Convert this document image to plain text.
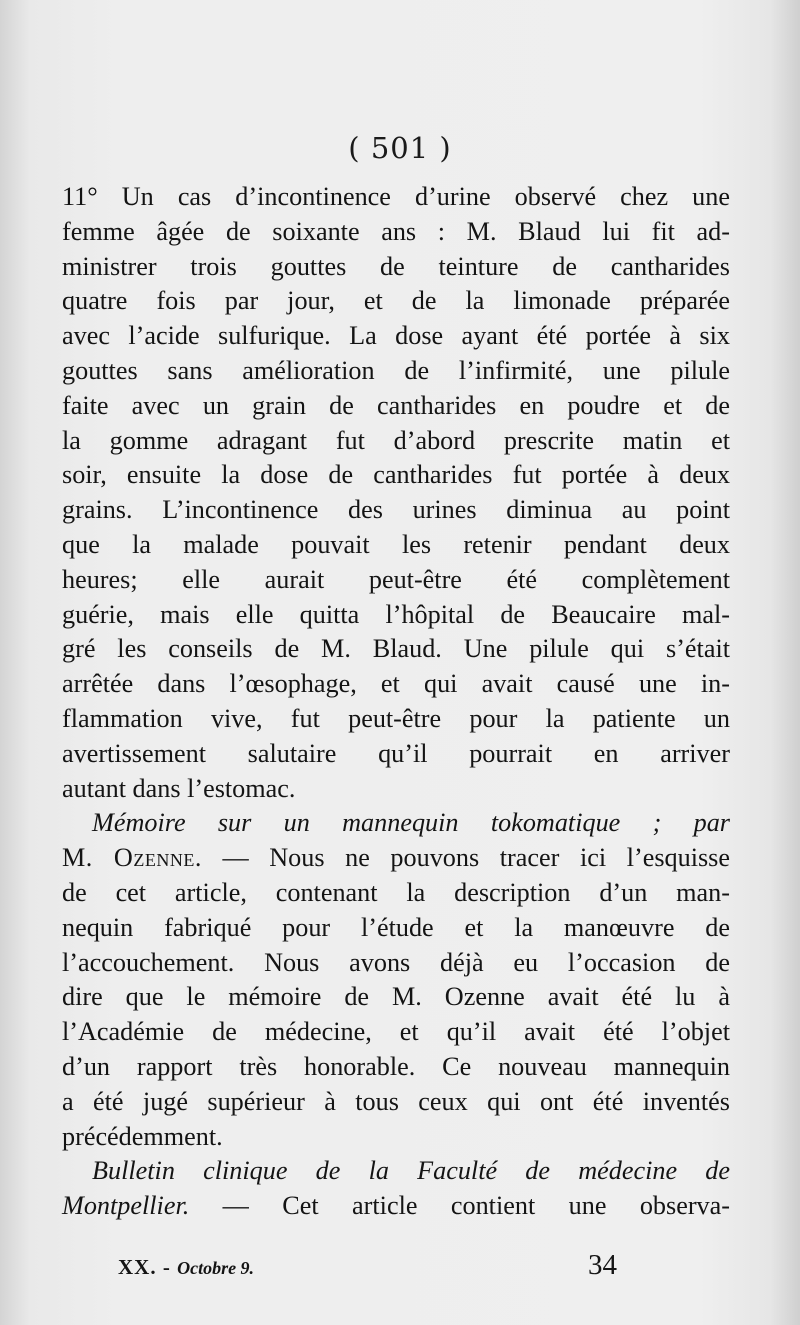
( 501 )
11° Un cas d’incontinence d’urine observé chez une
femme âgée de soixante ans : M. Blaud lui fit ad-
ministrer trois gouttes de teinture de cantharides
quatre fois par jour, et de la limonade préparée
avec l’acide sulfurique. La dose ayant été portée à six
gouttes sans amélioration de l’infirmité, une pilule
faite avec un grain de cantharides en poudre et de
la gomme adragant fut d’abord prescrite matin et
soir, ensuite la dose de cantharides fut portée à deux
grains. L’incontinence des urines diminua au point
que la malade pouvait les retenir pendant deux
heures; elle aurait peut-être été complètement
guérie, mais elle quitta l’hôpital de Beaucaire mal-
gré les conseils de M. Blaud. Une pilule qui s’était
arrêtée dans l’œsophage, et qui avait causé une in-
flammation vive, fut peut-être pour la patiente un
avertissement salutaire qu’il pourrait en arriver
autant dans l’estomac.
Mémoire sur un mannequin tokomatique ; par
M. Ozenne. — Nous ne pouvons tracer ici l’esquisse
de cet article, contenant la description d’un man-
nequin fabriqué pour l’étude et la manœuvre de
l’accouchement. Nous avons déjà eu l’occasion de
dire que le mémoire de M. Ozenne avait été lu à
l’Académie de médecine, et qu’il avait été l’objet
d’un rapport très honorable. Ce nouveau mannequin
a été jugé supérieur à tous ceux qui ont été inventés
précédemment.
Bulletin clinique de la Faculté de médecine de
Montpellier. — Cet article contient une observa-
XX. - Octobre 9.	34
